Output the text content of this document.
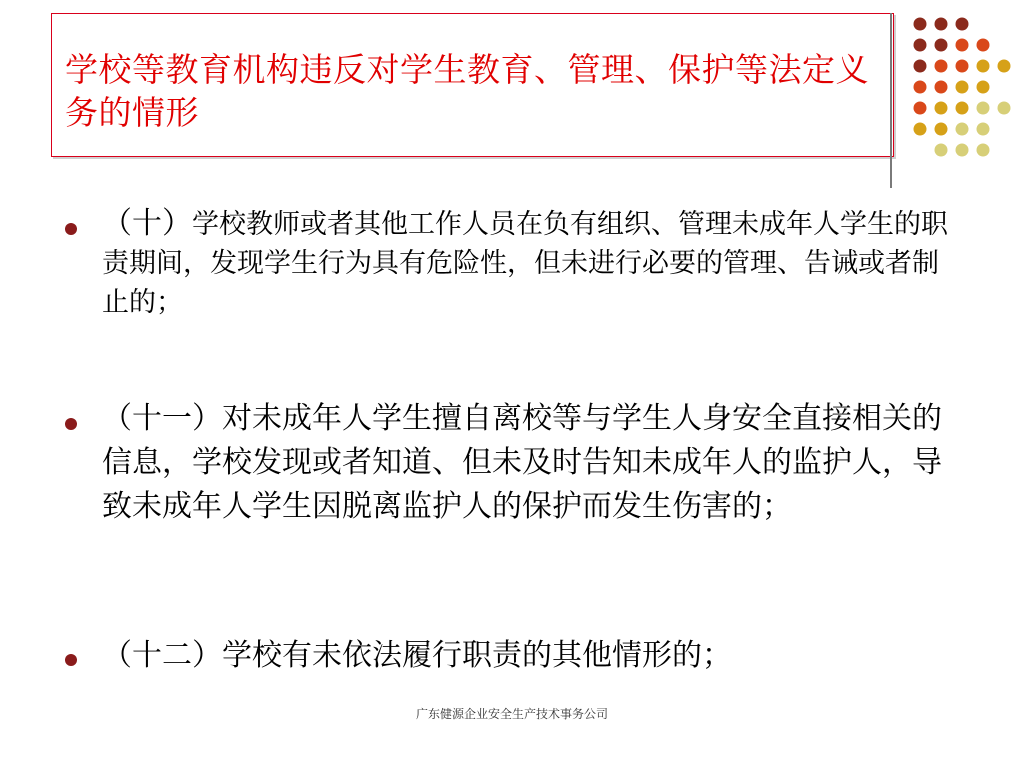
学校等教育机构违反对学生教育、管理、保护等法定义务的情形
（十）学校教师或者其他工作人员在负有组织、管理未成年人学生的职责期间，发现学生行为具有危险性，但未进行必要的管理、告诫或者制止的；
（十一）对未成年人学生擅自离校等与学生人身安全直接相关的信息，学校发现或者知道、但未及时告知未成年人的监护人，导致未成年人学生因脱离监护人的保护而发生伤害的；
（十二）学校有未依法履行职责的其他情形的；
广东健源企业安全生产技术事务公司
